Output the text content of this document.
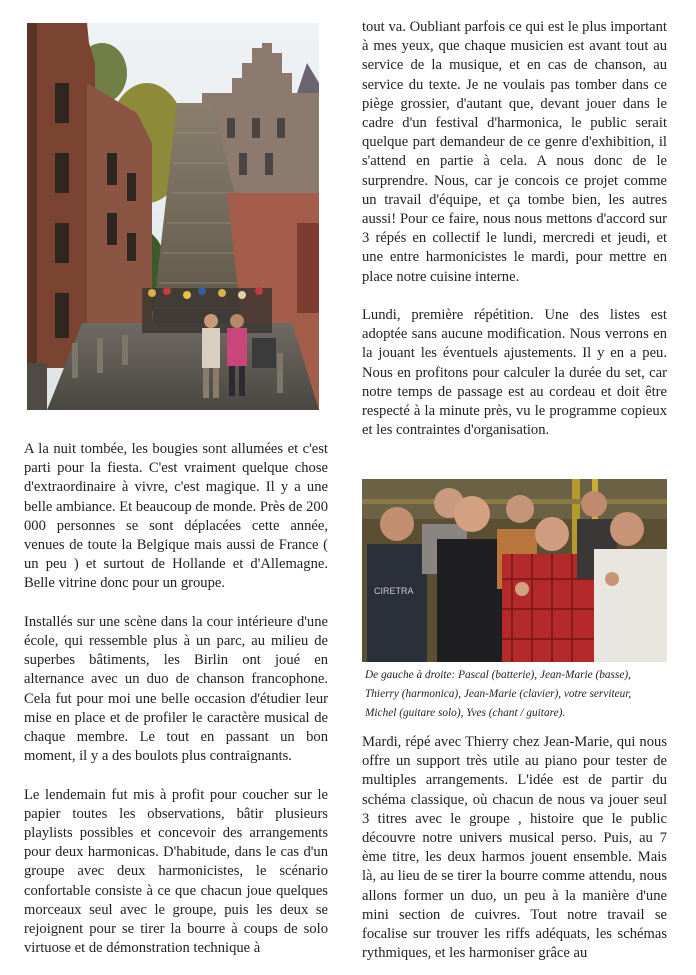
A la nuit tombée, les bougies sont allumées et c'est parti pour la fiesta. C'est vraiment quelque chose d'extraordinaire à vivre, c'est magique. Il y a une belle ambiance. Et beaucoup de monde. Près de 200 000 personnes se sont déplacées cette année, venues de toute la Belgique mais aussi de France ( un peu ) et surtout de Hollande et d'Allemagne. Belle vitrine donc pour un groupe.

Installés sur une scène dans la cour intérieure d'une école, qui ressemble plus à un parc, au milieu de superbes bâtiments, les Birlin ont joué en alternance avec un duo de chanson francophone. Cela fut pour moi une belle occasion d'étudier leur mise en place et de profiler le caractère musical de chaque membre. Le tout en passant un bon moment, il y a des boulots plus contraignants.

Le lendemain fut mis à profit pour coucher sur le papier toutes les observations, bâtir plusieurs playlists possibles et concevoir des arrangements pour deux harmonicas. D'habitude, dans le cas d'un groupe avec deux harmonicistes, le scénario confortable consiste à ce que chacun joue quelques morceaux seul avec le groupe, puis les deux se rejoignent pour se tirer la bourre à coups de solo virtuose et de démonstration technique à

tout va. Oubliant parfois ce qui est le plus important à mes yeux, que chaque musicien est avant tout au service de la musique, et en cas de chanson, au service du texte. Je ne voulais pas tomber dans ce piège grossier, d'autant que, devant jouer dans le cadre d'un festival d'harmonica, le public serait quelque part demandeur de ce genre d'exhibition, il s'attend en partie à cela. A nous donc de le surprendre. Nous, car je concois ce projet comme un travail d'équipe, et ça tombe bien, les autres aussi! Pour ce faire, nous nous mettons d'accord sur 3 répés en collectif le lundi, mercredi et jeudi, et une entre harmonicistes le mardi, pour mettre en place notre cuisine interne.

Lundi, première répétition. Une des listes est adoptée sans aucune modification. Nous verrons en la jouant les éventuels ajustements. Il y en a peu. Nous en profitons pour calculer la durée du set, car notre temps de passage est au cordeau et doit être respecté à la minute près, vu le programme copieux et les contraintes d'organisation.

CIRETRA
De gauche à droite: Pascal (batterie), Jean-Marie (basse), Thierry (harmonica), Jean-Marie (clavier), votre serviteur, Michel (guitare solo), Yves (chant / guitare).

Mardi, répé avec Thierry chez Jean-Marie, qui nous offre un support très utile au piano pour tester de multiples arrangements. L'idée est de partir du schéma classique, où chacun de nous va jouer seul 3 titres avec le groupe , histoire que le public découvre notre univers musical perso. Puis, au 7 ème titre, les deux harmos jouent ensemble. Mais là, au lieu de se tirer la bourre comme attendu, nous allons former un duo, un peu à la manière d'une mini section de cuivres. Tout notre travail se focalise sur trouver les riffs adéquats, les schémas rythmiques, et les harmoniser grâce au
